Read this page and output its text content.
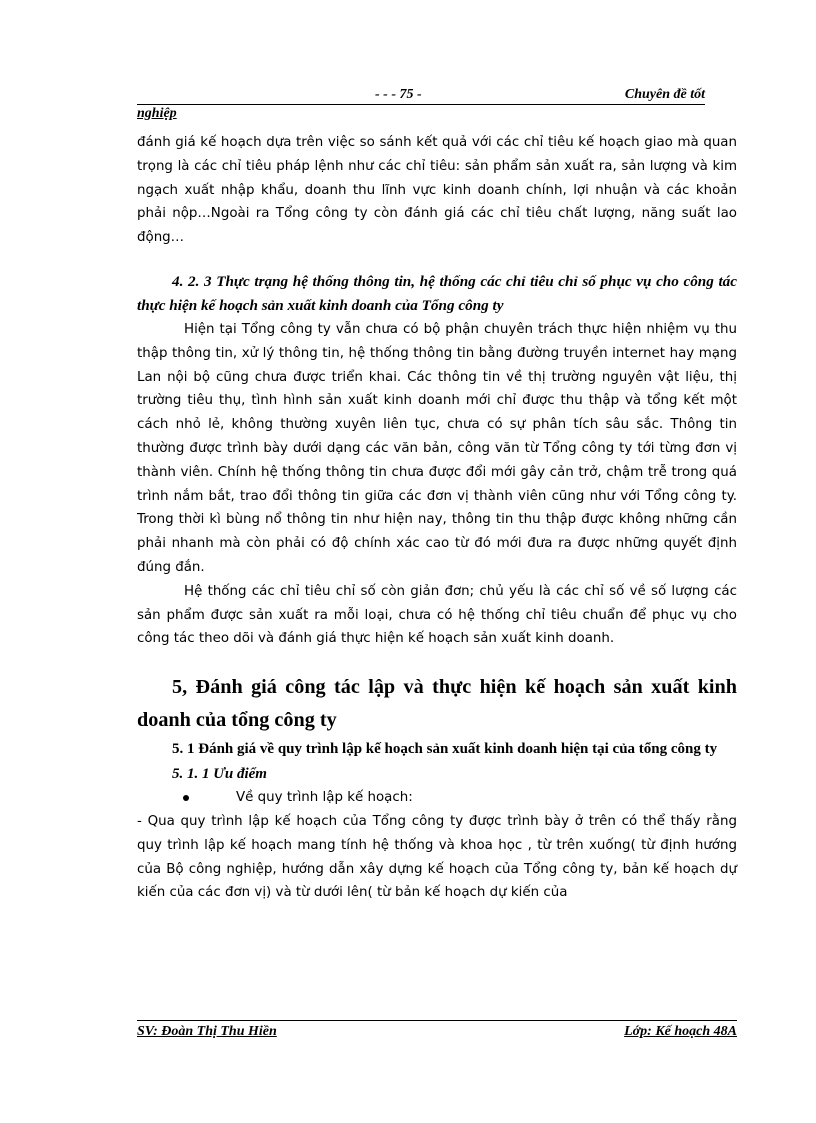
- - - 75 -	Chuyên đề tốt
nghiệp

đánh giá kế hoạch dựa trên việc so sánh kết quả với các chỉ tiêu kế hoạch giao mà quan trọng là các chỉ tiêu pháp lệnh như các chỉ tiêu: sản phẩm sản xuất ra, sản lượng và kim ngạch xuất nhập khẩu, doanh thu lĩnh vực kinh doanh chính, lợi nhuận và các khoản phải nộp…Ngoài ra Tổng công ty còn đánh giá các chỉ tiêu chất lượng, năng suất lao động…

4. 2. 3 Thực trạng hệ thống thông tin, hệ thống các chỉ tiêu chỉ số phục vụ cho công tác thực hiện kế hoạch sản xuất kinh doanh của Tổng công ty

Hiện tại Tổng công ty vẫn chưa có bộ phận chuyên trách thực hiện nhiệm vụ thu thập thông tin, xử lý thông tin, hệ thống thông tin bằng đường truyền internet hay mạng Lan nội bộ cũng chưa được triển khai. Các thông tin về thị trường nguyên vật liệu, thị trường tiêu thụ, tình hình sản xuất kinh doanh mới chỉ được thu thập và tổng kết một cách nhỏ lẻ, không thường xuyên liên tục, chưa có sự phân tích sâu sắc. Thông tin thường được trình bày dưới dạng các văn bản, công văn từ Tổng công ty tới từng đơn vị thành viên. Chính hệ thống thông tin chưa được đổi mới gây cản trở, chậm trễ trong quá trình nắm bắt, trao đổi thông tin giữa các đơn vị thành viên cũng như với Tổng công ty. Trong thời kì bùng nổ thông tin như hiện nay, thông tin thu thập được không những cần phải nhanh mà còn phải có độ chính xác cao từ đó mới đưa ra được những quyết định đúng đắn.

Hệ thống các chỉ tiêu chỉ số còn giản đơn; chủ yếu là các chỉ số về số lượng các sản phẩm được sản xuất ra mỗi loại, chưa có hệ thống chỉ tiêu chuẩn để phục vụ cho công tác theo dõi và đánh giá thực hiện kế hoạch sản xuất kinh doanh.

5, Đánh giá công tác lập và thực hiện kế hoạch sản xuất kinh doanh của tổng công ty

5. 1 Đánh giá về quy trình lập kế hoạch sản xuất kinh doanh hiện tại của tổng công ty

5. 1. 1 Ưu điểm

Về quy trình lập kế hoạch:

- Qua quy trình lập kế hoạch của Tổng công ty được trình bày ở trên có thể thấy rằng quy trình lập kế hoạch mang tính hệ thống và khoa học , từ trên xuống( từ định hướng của Bộ công nghiệp, hướng dẫn xây dựng kế hoạch của Tổng công ty, bản kế hoạch dự kiến của các đơn vị) và từ dưới lên( từ bản kế hoạch dự kiến của

SV: Đoàn Thị Thu Hiền	Lớp: Kế hoạch 48A
